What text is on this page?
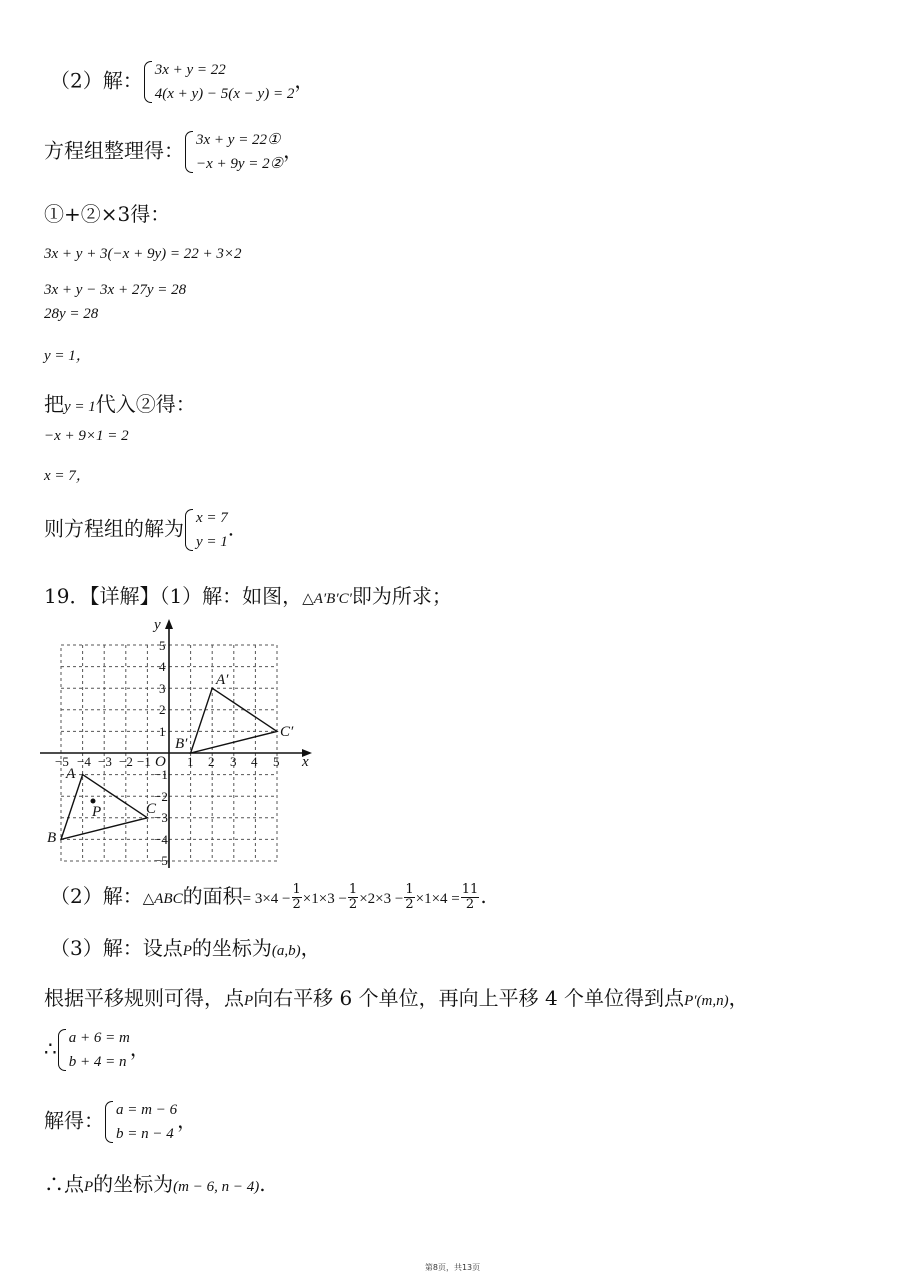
（2）解： 3x + y = 22
4(x + y) − 5(x − y) = 2
，
方程组整理得： 3x + y = 22①
−x + 9y = 2②
，
①+②×3得：
3x + y + 3(−x + 9y) = 22 + 3×2
3x + y − 3x + 27y = 28
28y = 28
y = 1，
把y = 1代入②得：
−x + 9×1 = 2
x = 7，
则方程组的解为 x = 7
y = 1
.
19．【详解】（1）解：如图，△A′B′C′即为所求；
x
y
O
−5 −4 −3 −2 −1	1 2 3 4 5
5
4
3
2
1
−1
−2
−3
−4
−5
A
B
C
P
A′
B′
C′
（2）解：△ABC的面积= $3\times 4 - \frac{1}{2} \times 1\times 3 - \frac{1}{2} \times 2\times 3 - \frac{1}{2} \times 1\times 4 = \frac{11}{2}$ .
（3）解：设点P的坐标为(a,b)，
根据平移规则可得，点P向右平移 6 个单位，再向上平移 4 个单位得到点P′(m,n)，
∴ a + 6 = m
b + 4 = n
，
解得： a = m − 6
b = n − 4
，
∴点P的坐标为(m − 6, n − 4).
第8页，共13页
